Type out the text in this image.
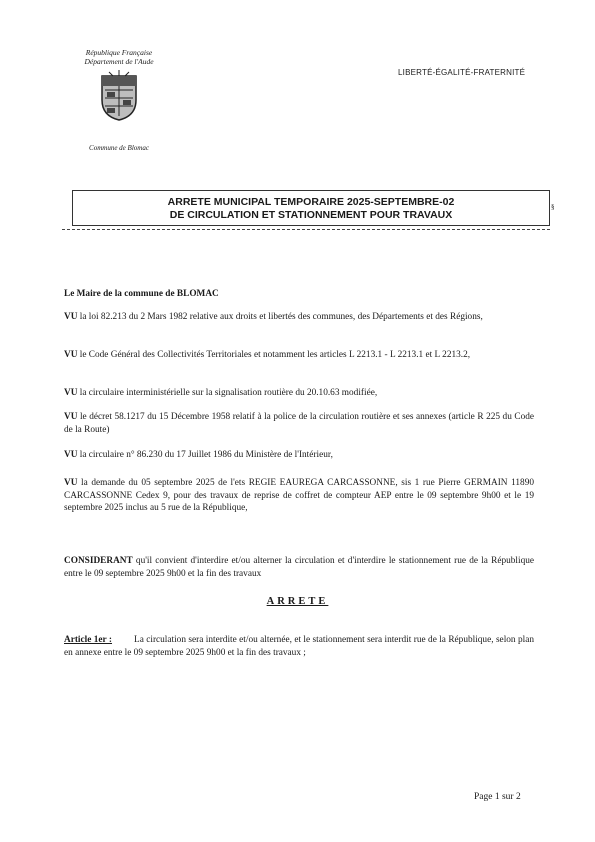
République Française
Département de l'Aude
Commune de Blomac
LIBERTÉ-ÉGALITÉ-FRATERNITÉ
ARRETE MUNICIPAL TEMPORAIRE 2025-SEPTEMBRE-02
DE CIRCULATION ET STATIONNEMENT POUR TRAVAUX
§
Le Maire de la commune de BLOMAC
VU la loi 82.213 du 2 Mars 1982 relative aux droits et libertés des communes, des Départements et des Régions,
VU le Code Général des Collectivités Territoriales et notamment les articles L 2213.1 - L 2213.1 et L 2213.2,
VU la circulaire interministérielle sur la signalisation routière du 20.10.63 modifiée,
VU le décret 58.1217 du 15 Décembre 1958 relatif à la police de la circulation routière et ses annexes (article R 225 du Code de la Route)
VU la circulaire n° 86.230 du 17 Juillet 1986 du Ministère de l'Intérieur,
VU la demande du 05 septembre 2025 de l'ets REGIE EAUREGA CARCASSONNE, sis 1 rue Pierre GERMAIN 11890 CARCASSONNE Cedex 9, pour des travaux de reprise de coffret de compteur AEP entre le 09 septembre 9h00 et le 19 septembre 2025 inclus au 5 rue de la République,
CONSIDERANT qu'il convient d'interdire et/ou alterner la circulation et d'interdire le stationnement rue de la République entre le 09 septembre 2025 9h00 et la fin des travaux
ARRETE
Article 1er : La circulation sera interdite et/ou alternée, et le stationnement sera interdit rue de la République, selon plan en annexe entre le 09 septembre 2025 9h00 et la fin des travaux ;
Page 1 sur 2
